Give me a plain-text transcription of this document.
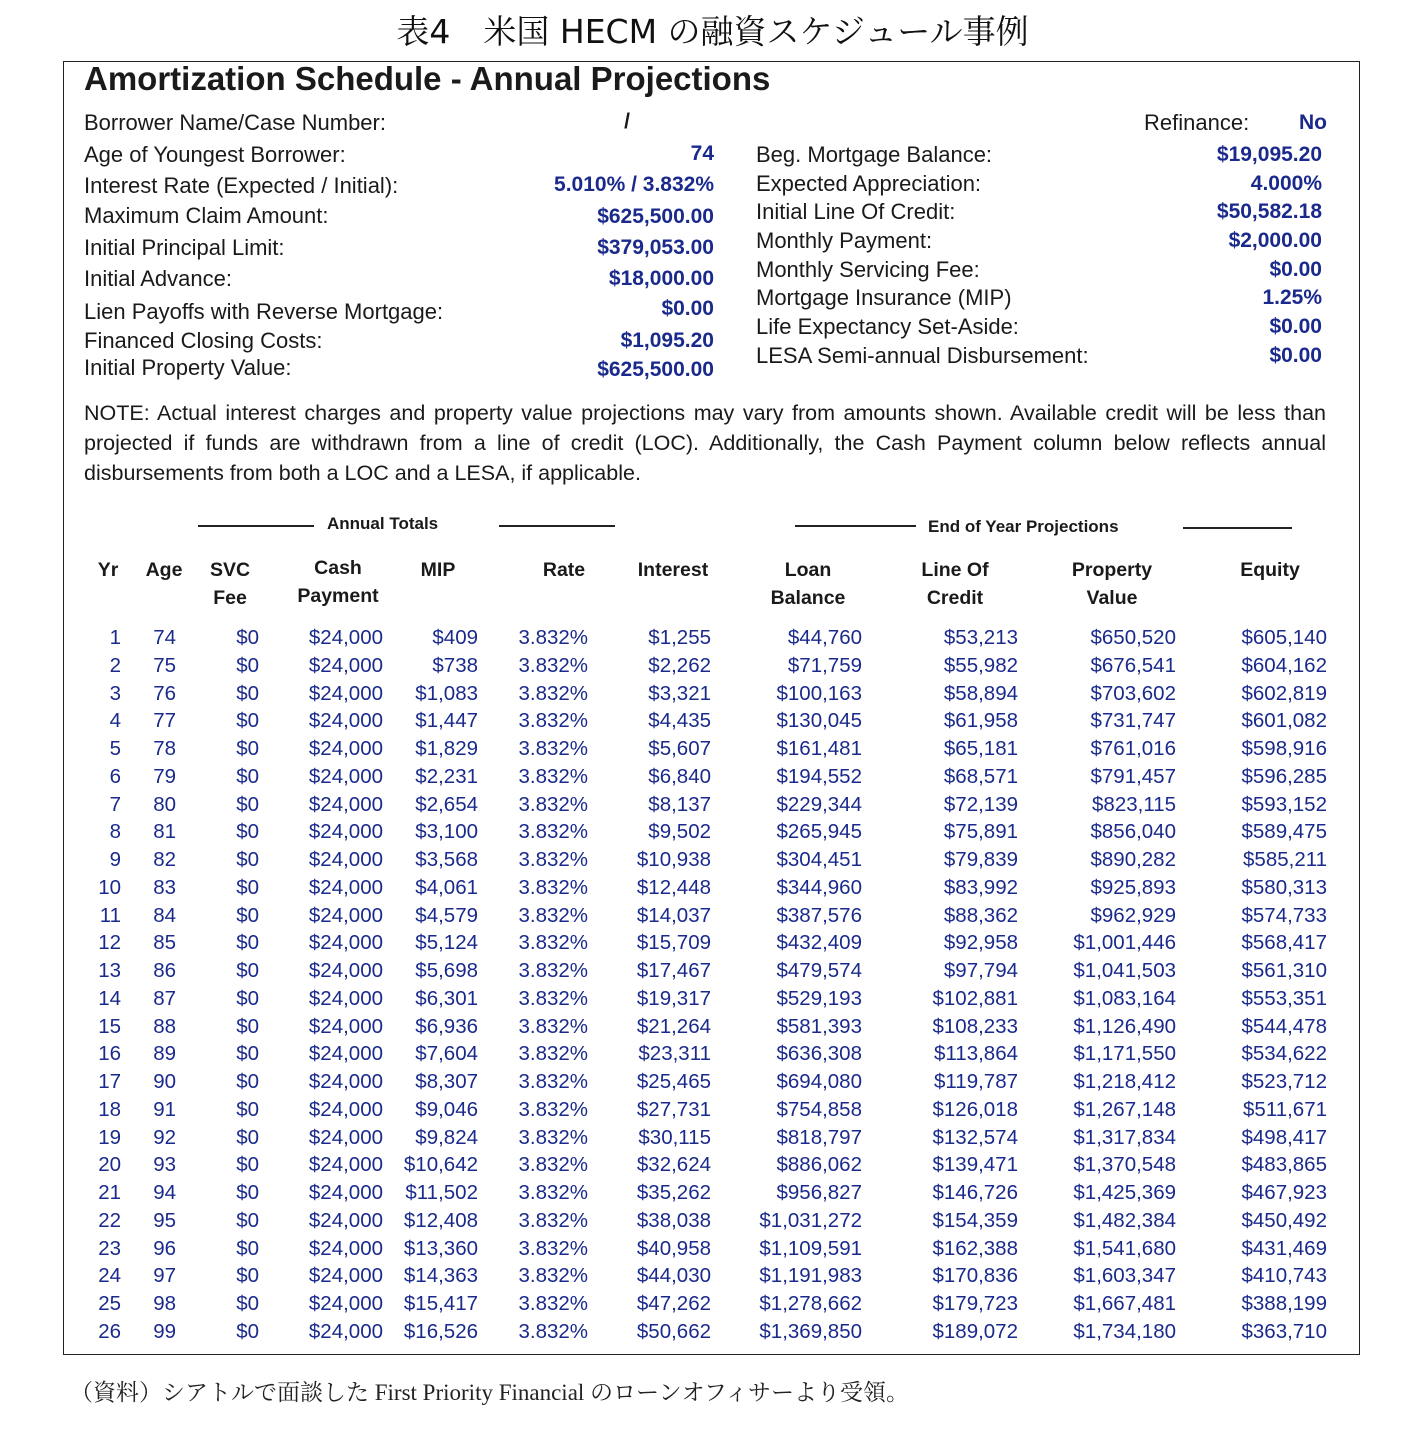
表4　米国 HECM の融資スケジュール事例
Amortization Schedule - Annual Projections
Borrower Name/Case Number:	/
Age of Youngest Borrower:	74
Interest Rate (Expected / Initial):	5.010% / 3.832%
Maximum Claim Amount:	$625,500.00
Initial Principal Limit:	$379,053.00
Initial Advance:	$18,000.00
Lien Payoffs with Reverse Mortgage:	$0.00
Financed Closing Costs:	$1,095.20
Initial Property Value:	$625,500.00
Refinance:	No
Beg. Mortgage Balance:	$19,095.20
Expected Appreciation:	4.000%
Initial Line Of Credit:	$50,582.18
Monthly Payment:	$2,000.00
Monthly Servicing Fee:	$0.00
Mortgage Insurance (MIP)	1.25%
Life Expectancy Set-Aside:	$0.00
LESA Semi-annual Disbursement:	$0.00
NOTE: Actual interest charges and property value projections may vary from amounts shown. Available credit will be less than projected if funds are withdrawn from a line of credit (LOC). Additionally, the Cash Payment column below reflects annual disbursements from both a LOC and a LESA, if applicable.
Annual Totals	End of Year Projections
Yr	Age	SVC
Fee
Cash
Payment
MIP	Rate	Interest	Loan
Balance
Line Of
Credit
Property
Value
Equity
1	74	$0	$24,000	$409	3.832%	$1,255	$44,760	$53,213	$650,520	$605,140
2	75	$0	$24,000	$738	3.832%	$2,262	$71,759	$55,982	$676,541	$604,162
3	76	$0	$24,000	$1,083	3.832%	$3,321	$100,163	$58,894	$703,602	$602,819
4	77	$0	$24,000	$1,447	3.832%	$4,435	$130,045	$61,958	$731,747	$601,082
5	78	$0	$24,000	$1,829	3.832%	$5,607	$161,481	$65,181	$761,016	$598,916
6	79	$0	$24,000	$2,231	3.832%	$6,840	$194,552	$68,571	$791,457	$596,285
7	80	$0	$24,000	$2,654	3.832%	$8,137	$229,344	$72,139	$823,115	$593,152
8	81	$0	$24,000	$3,100	3.832%	$9,502	$265,945	$75,891	$856,040	$589,475
9	82	$0	$24,000	$3,568	3.832%	$10,938	$304,451	$79,839	$890,282	$585,211
10	83	$0	$24,000	$4,061	3.832%	$12,448	$344,960	$83,992	$925,893	$580,313
11	84	$0	$24,000	$4,579	3.832%	$14,037	$387,576	$88,362	$962,929	$574,733
12	85	$0	$24,000	$5,124	3.832%	$15,709	$432,409	$92,958	$1,001,446	$568,417
13	86	$0	$24,000	$5,698	3.832%	$17,467	$479,574	$97,794	$1,041,503	$561,310
14	87	$0	$24,000	$6,301	3.832%	$19,317	$529,193	$102,881	$1,083,164	$553,351
15	88	$0	$24,000	$6,936	3.832%	$21,264	$581,393	$108,233	$1,126,490	$544,478
16	89	$0	$24,000	$7,604	3.832%	$23,311	$636,308	$113,864	$1,171,550	$534,622
17	90	$0	$24,000	$8,307	3.832%	$25,465	$694,080	$119,787	$1,218,412	$523,712
18	91	$0	$24,000	$9,046	3.832%	$27,731	$754,858	$126,018	$1,267,148	$511,671
19	92	$0	$24,000	$9,824	3.832%	$30,115	$818,797	$132,574	$1,317,834	$498,417
20	93	$0	$24,000 $10,642	3.832%	$32,624	$886,062	$139,471	$1,370,548	$483,865
21	94	$0	$24,000	$11,502	3.832%	$35,262	$956,827	$146,726	$1,425,369	$467,923
22	95	$0	$24,000 $12,408	3.832%	$38,038	$1,031,272	$154,359	$1,482,384	$450,492
23	96	$0	$24,000 $13,360	3.832%	$40,958	$1,109,591	$162,388	$1,541,680	$431,469
24	97	$0	$24,000 $14,363	3.832%	$44,030	$1,191,983	$170,836	$1,603,347	$410,743
25	98	$0	$24,000 $15,417	3.832%	$47,262	$1,278,662	$179,723	$1,667,481	$388,199
26	99	$0	$24,000 $16,526	3.832%	$50,662	$1,369,850	$189,072	$1,734,180	$363,710
（資料）シアトルで面談した First Priority Financial のローンオフィサーより受領。
